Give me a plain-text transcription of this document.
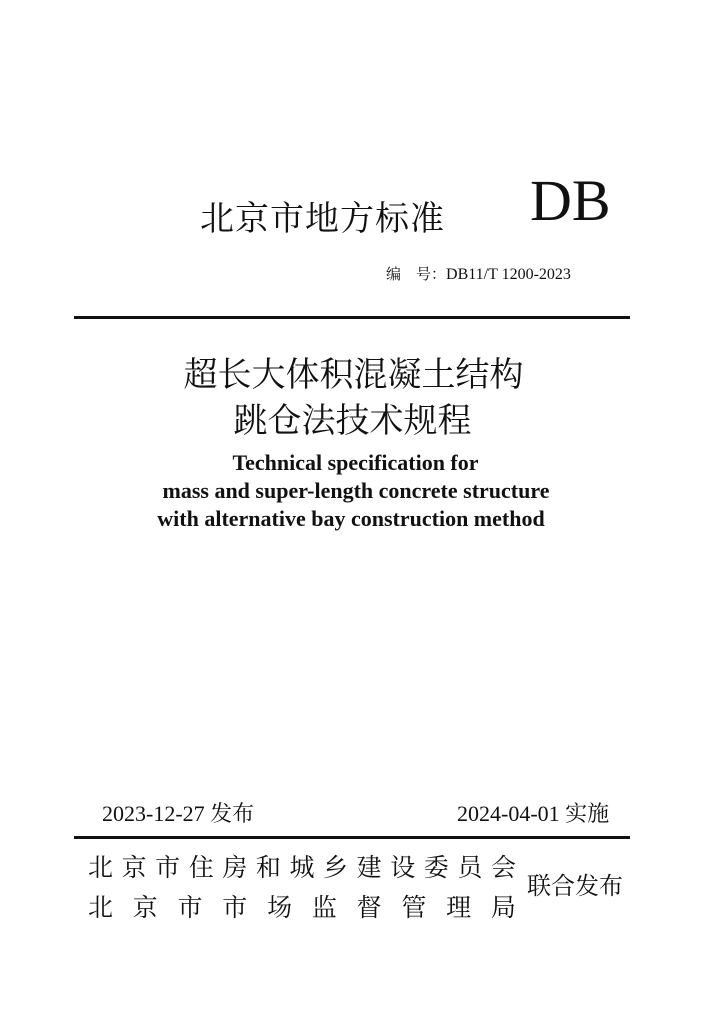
北京市地方标准 DB
编　号：DB11/T 1200-2023
超长大体积混凝土结构
跳仓法技术规程
Technical specification for
mass and super-length concrete structure
with alternative bay construction method
2023-12-27 发布	2024-04-01 实施
北 京 市 住 房 和 城 乡 建 设 委 员 会
北 京 市 市 场 监 督 管 理 局
联合发布
